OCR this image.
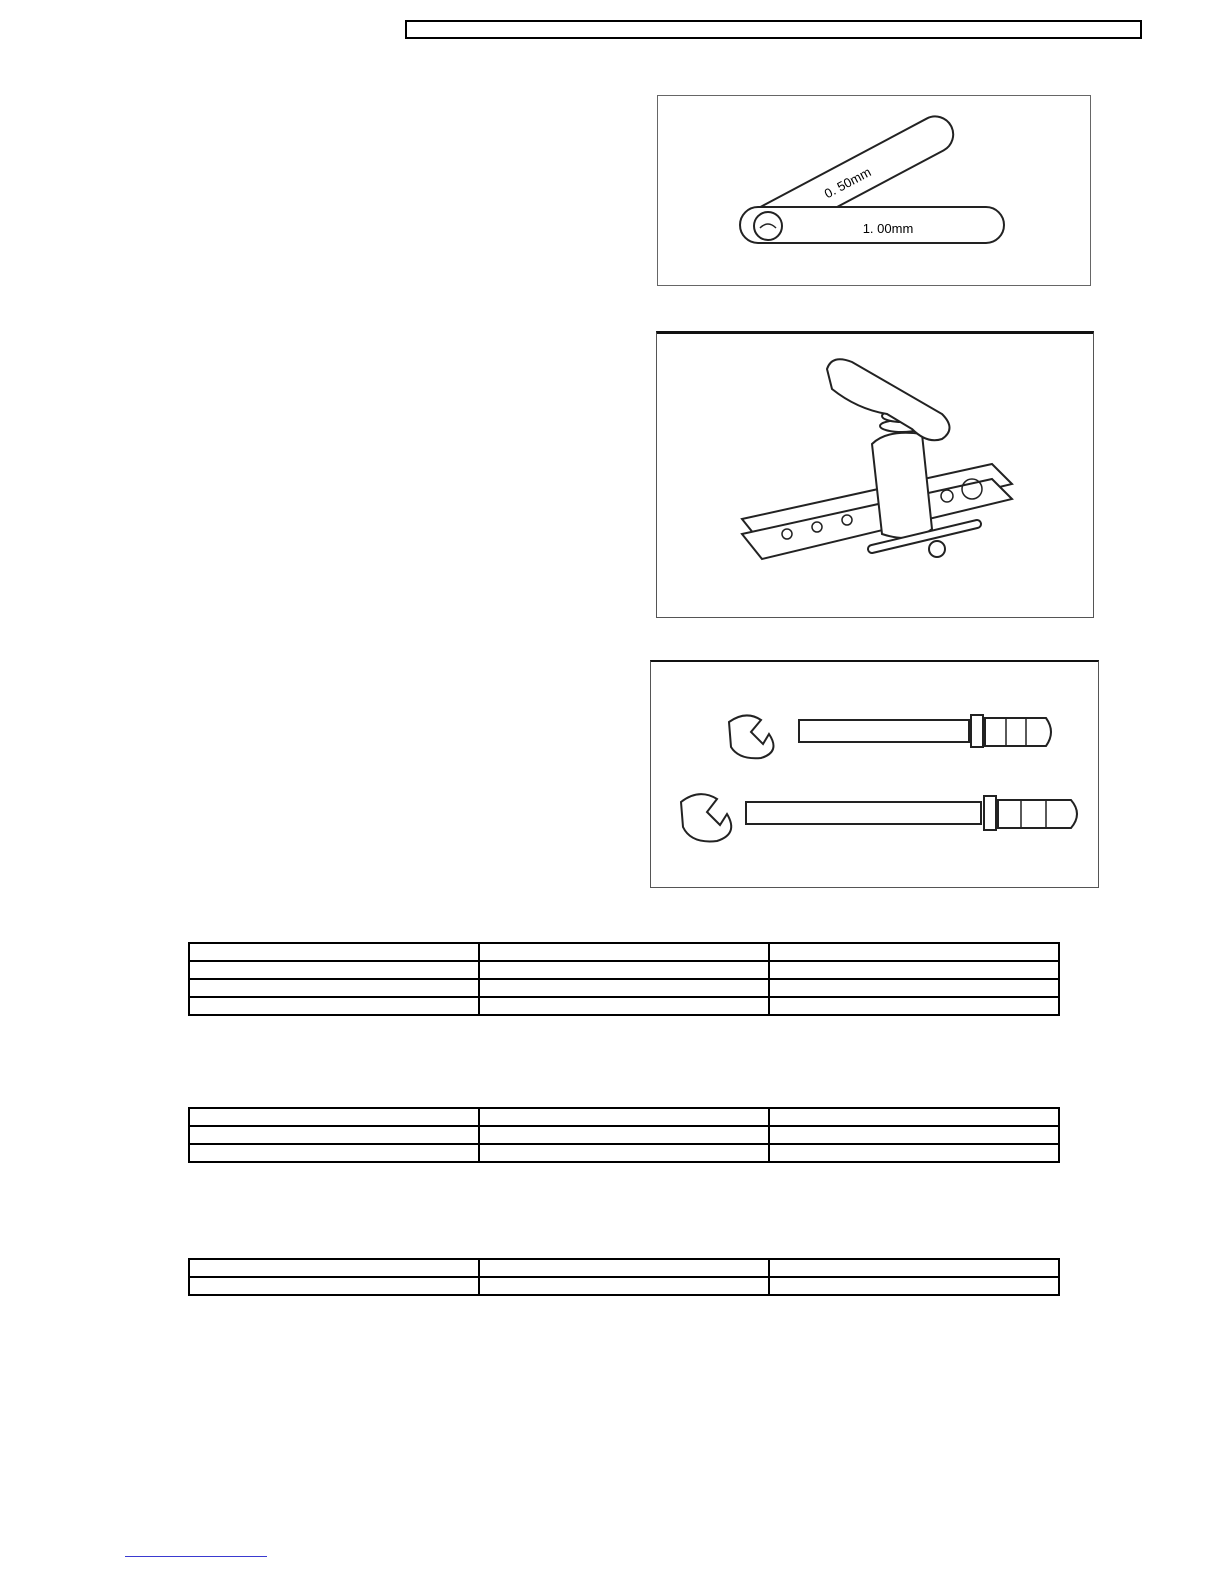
0. 50mm
1. 00mm
